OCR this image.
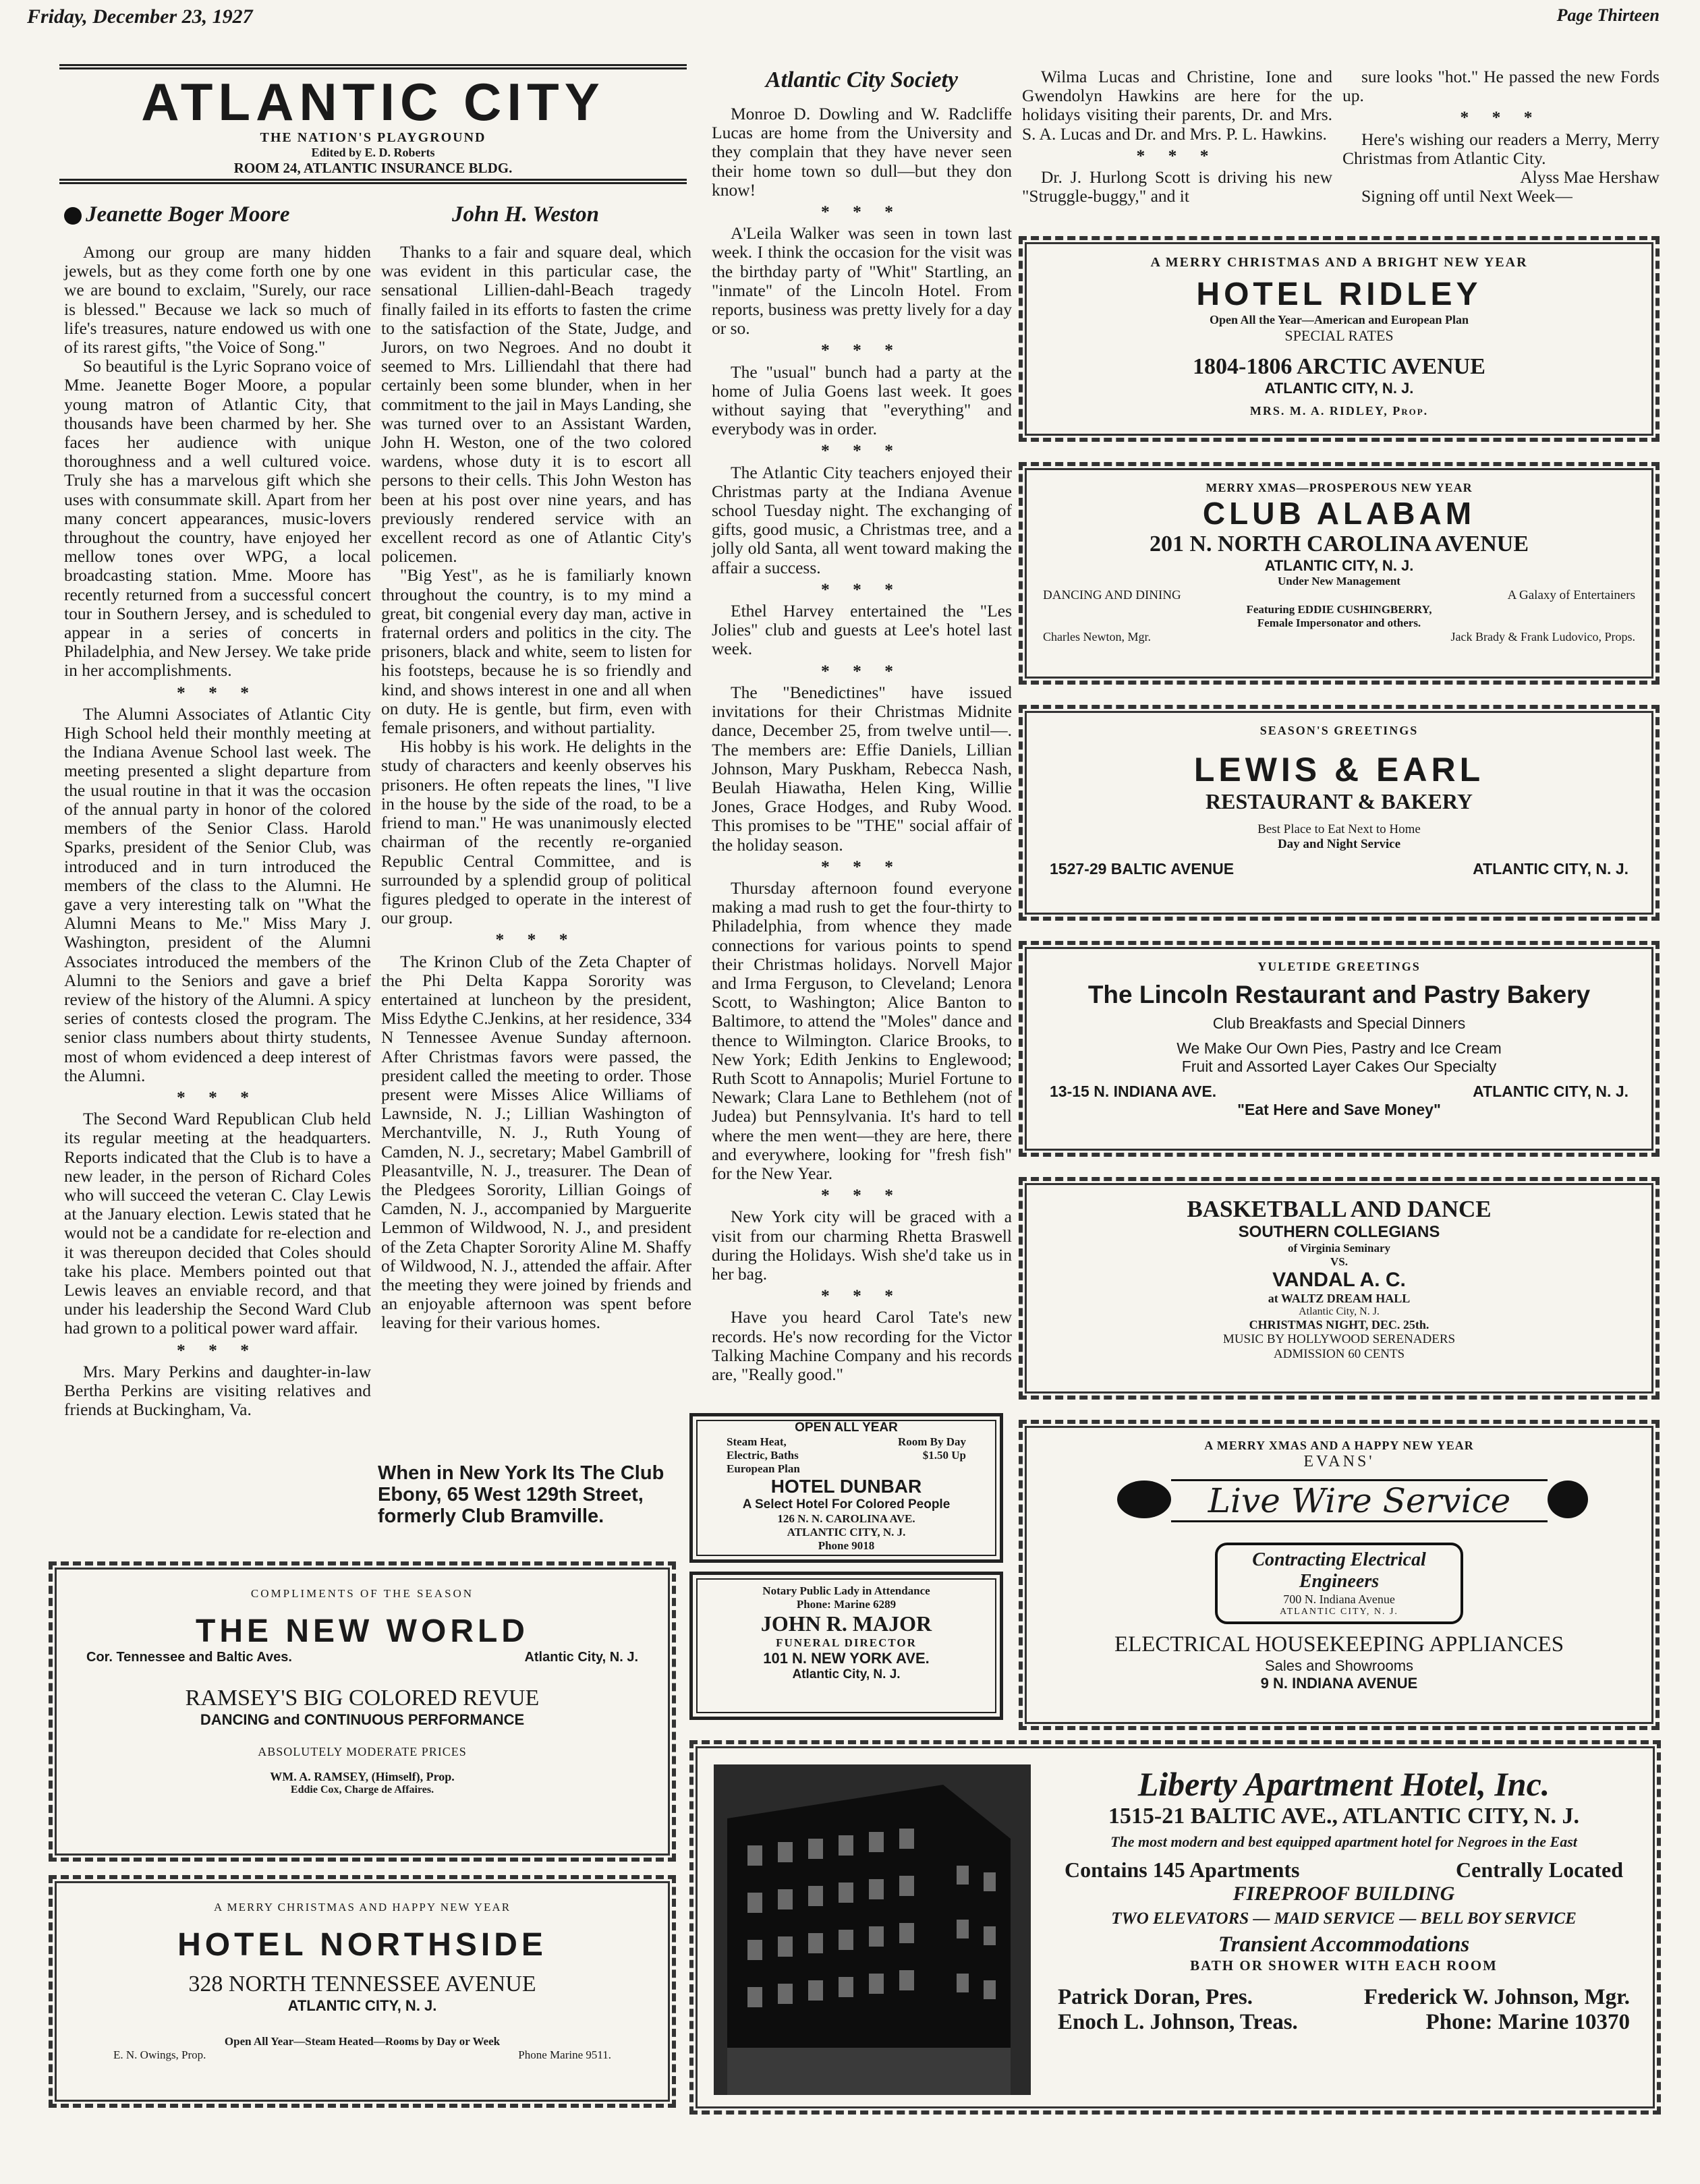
Friday, December 23, 1927	Page Thirteen
ATLANTIC CITY
THE NATION'S PLAYGROUND
Edited by E. D. Roberts
ROOM 24, ATLANTIC INSURANCE BLDG.
Jeanette Boger Moore

Among our group are many hidden jewels, but as they come forth one by one we are bound to exclaim, "Surely, our race is blessed." Because we lack so much of life's treasures, nature endowed us with one of its rarest gifts, "the Voice of Song."

So beautiful is the Lyric Soprano voice of Mme. Jeanette Boger Moore, a popular young matron of Atlantic City, that thousands have been charmed by her. She faces her audience with unique thoroughness and a well cultured voice. Truly she has a marvelous gift which she uses with consummate skill. Apart from her many concert appearances, music-lovers throughout the country, have enjoyed her mellow tones over WPG, a local broadcasting station. Mme. Moore has recently returned from a successful concert tour in Southern Jersey, and is scheduled to appear in a series of concerts in Philadelphia, and New Jersey. We take pride in her accomplishments.

* * *

The Alumni Associates of Atlantic City High School held their monthly meeting at the Indiana Avenue School last week. The meeting presented a slight departure from the usual routine in that it was the occasion of the annual party in honor of the colored members of the Senior Class. Harold Sparks, president of the Senior Club, was introduced and in turn introduced the members of the class to the Alumni. He gave a very interesting talk on "What the Alumni Means to Me." Miss Mary J. Washington, president of the Alumni Associates introduced the members of the Alumni to the Seniors and gave a brief review of the history of the Alumni. A spicy series of contests closed the program. The senior class numbers about thirty students, most of whom evidenced a deep interest of the Alumni.

* * *

The Second Ward Republican Club held its regular meeting at the headquarters. Reports indicated that the Club is to have a new leader, in the person of Richard Coles who will succeed the veteran C. Clay Lewis at the January election. Lewis stated that he would not be a candidate for re-election and it was thereupon decided that Coles should take his place. Members pointed out that Lewis leaves an enviable record, and that under his leadership the Second Ward Club had grown to a political power ward affair.

* * *

Mrs. Mary Perkins and daughter-in-law Bertha Perkins are visiting relatives and friends at Buckingham, Va.

John H. Weston

Thanks to a fair and square deal, which was evident in this particular case, the sensational Lillien-dahl-Beach tragedy finally failed in its efforts to fasten the crime to the satisfaction of the State, Judge, and Jurors, on two Negroes. And no doubt it seemed to Mrs. Lilliendahl that there had certainly been some blunder, when in her commitment to the jail in Mays Landing, she was turned over to an Assistant Warden, John H. Weston, one of the two colored wardens, whose duty it is to escort all persons to their cells. This John Weston has been at his post over nine years, and has previously rendered service with an excellent record as one of Atlantic City's policemen.

"Big Yest", as he is familiarly known throughout the country, is to my mind a great, bit congenial every day man, active in fraternal orders and politics in the city. The prisoners, black and white, seem to listen for his footsteps, because he is so friendly and kind, and shows interest in one and all when on duty. He is gentle, but firm, even with female prisoners, and without partiality.

His hobby is his work. He delights in the study of characters and keenly observes his prisoners. He often repeats the lines, "I live in the house by the side of the road, to be a friend to man." He was unanimously elected chairman of the recently re-organied Republic Central Committee, and is surrounded by a splendid group of political figures pledged to operate in the interest of our group.

* * *

The Krinon Club of the Zeta Chapter of the Phi Delta Kappa Sorority was entertained at luncheon by the president, Miss Edythe C.Jenkins, at her residence, 334 N Tennessee Avenue Sunday afternoon. After Christmas favors were passed, the president called the meeting to order. Those present were Misses Alice Williams of Lawnside, N. J.; Lillian Washington of Merchantville, N. J., Ruth Young of Camden, N. J., secretary; Mabel Gambrill of Pleasantville, N. J., treasurer. The Dean of the Pledgees Sorority, Lillian Goings of Camden, N. J., accompanied by Marguerite Lemmon of Wildwood, N. J., and president of the Zeta Chapter Sorority Aline M. Shaffy of Wildwood, N. J., attended the affair. After the meeting they were joined by friends and an enjoyable afternoon was spent before leaving for their various homes.

When in New York Its The Club Ebony, 65 West 129th Street, formerly Club Bramville.
Atlantic City Society

Monroe D. Dowling and W. Radcliffe Lucas are home from the University and they complain that they have never seen their home town so dull—but they don know!

* * *

A'Leila Walker was seen in town last week. I think the occasion for the visit was the birthday party of "Whit" Startling, an "inmate" of the Lincoln Hotel. From reports, business was pretty lively for a day or so.

* * *

The "usual" bunch had a party at the home of Julia Goens last week. It goes without saying that "everything" and everybody was in order.

* * *

The Atlantic City teachers enjoyed their Christmas party at the Indiana Avenue school Tuesday night. The exchanging of gifts, good music, a Christmas tree, and a jolly old Santa, all went toward making the affair a success.

* * *

Ethel Harvey entertained the "Les Jolies" club and guests at Lee's hotel last week.

* * *

The "Benedictines" have issued invitations for their Christmas Midnite dance, December 25, from twelve until—. The members are: Effie Daniels, Lillian Johnson, Mary Puskham, Rebecca Nash, Beulah Hiawatha, Helen King, Willie Jones, Grace Hodges, and Ruby Wood. This promises to be "THE" social affair of the holiday season.

* * *

Thursday afternoon found everyone making a mad rush to get the four-thirty to Philadelphia, from whence they made connections for various points to spend their Christmas holidays. Norvell Major and Irma Ferguson, to Cleveland; Lenora Scott, to Washington; Alice Banton to Baltimore, to attend the "Moles" dance and thence to Wilmington. Clarice Brooks, to New York; Edith Jenkins to Englewood; Ruth Scott to Annapolis; Muriel Fortune to Newark; Clara Lane to Bethlehem (not of Judea) but Pennsylvania. It's hard to tell where the men went—they are here, there and everywhere, looking for "fresh fish" for the New Year.

* * *

New York city will be graced with a visit from our charming Rhetta Braswell during the Holidays. Wish she'd take us in her bag.

* * *

Have you heard Carol Tate's new records. He's now recording for the Victor Talking Machine Company and his records are, "Really good."

Wilma Lucas and Christine, Ione and Gwendolyn Hawkins are here for the holidays visiting their parents, Dr. and Mrs. S. A. Lucas and Dr. and Mrs. P. L. Hawkins.

* * *

Dr. J. Hurlong Scott is driving his new "Struggle-buggy," and it

sure looks "hot." He passed the new Fords up.

* * *

Here's wishing our readers a Merry, Merry Christmas from Atlantic City.

Alyss Mae Hershaw

Signing off until Next Week—

A MERRY CHRISTMAS AND A BRIGHT NEW YEAR
HOTEL RIDLEY
Open All the Year—American and European Plan
SPECIAL RATES
1804-1806 ARCTIC AVENUE
ATLANTIC CITY, N. J.
MRS. M. A. RIDLEY, Prop.
MERRY XMAS—PROSPEROUS NEW YEAR
CLUB ALABAM
201 N. NORTH CAROLINA AVENUE
ATLANTIC CITY, N. J.
Under New Management
DANCING AND DINING	A Galaxy of Entertainers
Featuring EDDIE CUSHINGBERRY,
Female Impersonator and others.
Charles Newton, Mgr.	Jack Brady & Frank Ludovico, Props.
SEASON'S GREETINGS
LEWIS & EARL
RESTAURANT & BAKERY
Best Place to Eat Next to Home
Day and Night Service
1527-29 BALTIC AVENUE	ATLANTIC CITY, N. J.
YULETIDE GREETINGS
The Lincoln Restaurant and Pastry Bakery
Club Breakfasts and Special Dinners
We Make Our Own Pies, Pastry and Ice Cream
Fruit and Assorted Layer Cakes Our Specialty
13-15 N. INDIANA AVE.	ATLANTIC CITY, N. J.
"Eat Here and Save Money"
BASKETBALL AND DANCE
SOUTHERN COLLEGIANS
of Virginia Seminary
VS.
VANDAL A. C.
at WALTZ DREAM HALL
Atlantic City, N. J.
CHRISTMAS NIGHT, DEC. 25th.
MUSIC BY HOLLYWOOD SERENADERS
ADMISSION 60 CENTS
A MERRY XMAS AND A HAPPY NEW YEAR
EVANS'
Live Wire Service
Contracting Electrical
Engineers
700 N. Indiana Avenue
ATLANTIC CITY, N. J.
ELECTRICAL HOUSEKEEPING APPLIANCES
Sales and Showrooms
9 N. INDIANA AVENUE
OPEN ALL YEAR
Steam Heat,	Room By Day
Electric, Baths	$1.50 Up
European Plan
HOTEL DUNBAR
A Select Hotel For Colored People
126 N. N. CAROLINA AVE.
ATLANTIC CITY, N. J.
Phone 9018
Notary Public Lady in Attendance
Phone: Marine 6289
JOHN R. MAJOR
FUNERAL DIRECTOR
101 N. NEW YORK AVE.
Atlantic City, N. J.
COMPLIMENTS OF THE SEASON
THE NEW WORLD
Cor. Tennessee and Baltic Aves.	Atlantic City, N. J.
RAMSEY'S BIG COLORED REVUE
DANCING and CONTINUOUS PERFORMANCE
ABSOLUTELY MODERATE PRICES
WM. A. RAMSEY, (Himself), Prop.
Eddie Cox, Charge de Affaires.
A MERRY CHRISTMAS AND HAPPY NEW YEAR
HOTEL NORTHSIDE
328 NORTH TENNESSEE AVENUE
ATLANTIC CITY, N. J.
Open All Year—Steam Heated—Rooms by Day or Week
E. N. Owings, Prop.	Phone Marine 9511.
Liberty Apartment Hotel, Inc.
1515-21 BALTIC AVE., ATLANTIC CITY, N. J.
The most modern and best equipped apartment hotel for Negroes in the East
Contains 145 Apartments	Centrally Located
FIREPROOF BUILDING
TWO ELEVATORS — MAID SERVICE — BELL BOY SERVICE
Transient Accommodations
BATH OR SHOWER WITH EACH ROOM
Patrick Doran, Pres.	Frederick W. Johnson, Mgr.
Enoch L. Johnson, Treas.	Phone: Marine 10370
